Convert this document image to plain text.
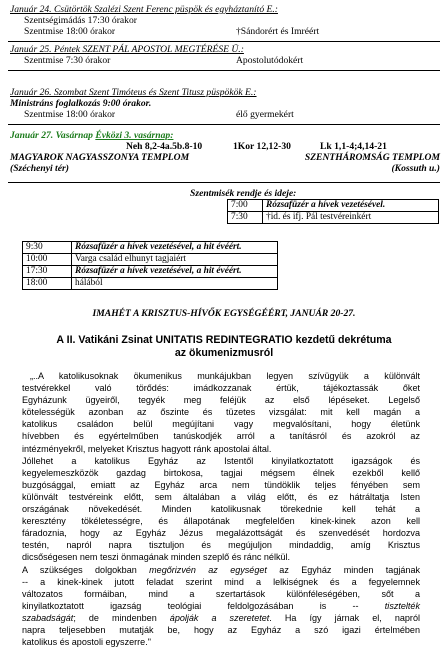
Január 24. Csütörtök Szalézi Szent Ferenc püspök és egyháztanító E.:
Szentségimádás 17:30 órakor
Szentmise 18:00 órakor	†Sándorért és Imréért
Január 25. Péntek SZENT PÁL APOSTOL MEGTÉRÉSE Ü.:
Szentmise 7:30 órakor	Apostolutódokért
Január 26. Szombat Szent Timóteus és Szent Titusz püspökök E.:
Ministráns foglalkozás 9:00 órakor.
Szentmise 18:00 órakor	élő gyermekért
Január 27. Vasárnap Évközi 3. vasárnap:
Neh 8,2-4a.5b.8-10	1Kor 12,12-30	Lk 1,1-4;4,14-21
MAGYAROK NAGYASSZONYA TEMPLOM	SZENTHÁROMSÁG TEMPLOM
(Széchenyi tér)	(Kossuth u.)
Szentmisék rendje és ideje:
7:00	Rózsafüzér a hívek vezetésével.
7:30	†id. és ifj. Pál testvéreinkért
9:30	Rózsafüzér a hívek vezetésével, a hit évéért.
10:00	Varga család elhunyt tagjaiért
17:30	Rózsafüzér a hívek vezetésével, a hit évéért.
18:00	hálából
IMAHÉT A KRISZTUS-HÍVŐK EGYSÉGÉÉRT, JANUÁR 20-27.
A II. Vatikáni Zsinat UNITATIS REDINTEGRATIO kezdetű dekrétuma
az ökumenizmusról
„..A katolikusoknak ökumenikus munkájukban legyen szívügyük a különvált
testvérekkel való törődés: imádkozzanak értük, tájékoztassák őket
Egyházunk ügyeiről, tegyék meg feléjük az első lépéseket. Legelső
kötelességük azonban az őszinte és tüzetes vizsgálat: mit kell magán a
katolikus családon belül megújítani vagy megvalósítani, hogy életünk
hívebben és egyértelműben tanúskodjék arról a tanításról és azokról az
intézményekről, melyeket Krisztus hagyott ránk apostolai által.
Jóllehet a katolikus Egyház az Istentől kinyilatkoztatott igazságok és
kegyelemeszközök gazdag birtokosa, tagjai mégsem élnek ezekből kellő
buzgósággal, emiatt az Egyház arca nem tündöklik teljes fényében sem
különvált testvéreink előtt, sem általában a világ előtt, és ez hátráltatja Isten
országának növekedését. Minden katolikusnak törekednie kell tehát a
keresztény tökéletességre, és állapotának megfelelően kinek-kinek azon kell
fáradoznia, hogy az Egyház Jézus megalázottságát és szenvedését hordozva
testén, napról napra tisztuljon és megújuljon mindaddig, amíg Krisztus
dicsőségesen nem teszi önmagának minden szeplő és ránc nélkül.
A szükséges dolgokban megőrizvén az egységet az Egyház minden tagjának
-- a kinek-kinek jutott feladat szerint mind a lelkiségnek és a fegyelemnek
változatos formáiban, mind a szertartások különféleségében, sőt a
kinyilatkoztatott igazság teológiai feldolgozásában is -- tisztelték
szabadságát; de mindenben ápolják a szeretetet. Ha így járnak el, napról
napra teljesebben mutatják be, hogy az Egyház a szó igazi értelmében
katolikus és apostoli egyszerre."
